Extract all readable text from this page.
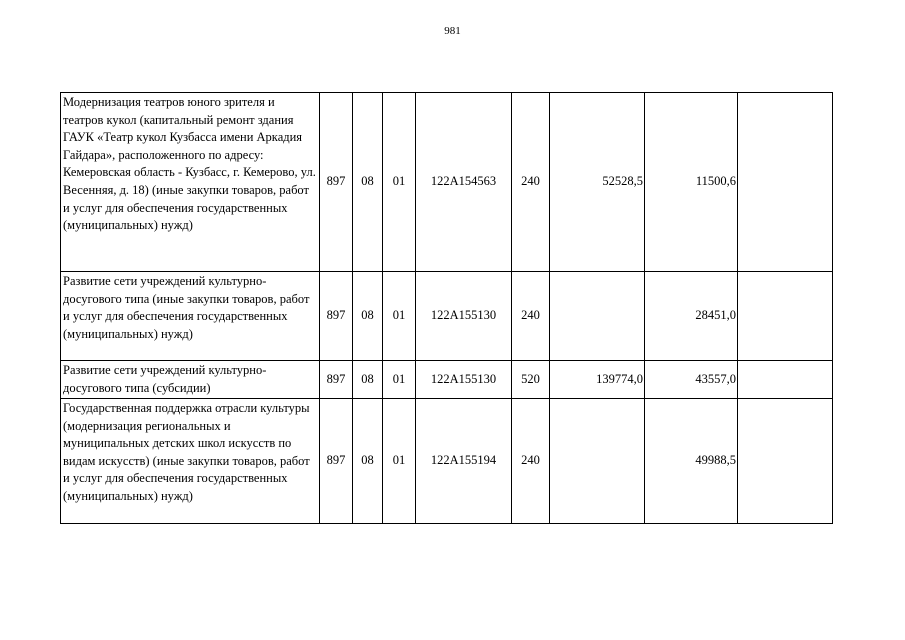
981
Модернизация театров юного зрителя и театров кукол (капитальный ремонт здания ГАУК «Театр кукол Кузбасса имени Аркадия Гайдара», расположенного по адресу: Кемеровская область - Кузбасс, г. Кемерово, ул. Весенняя, д. 18) (иные закупки товаров, работ и услуг для обеспечения государственных (муниципальных) нужд)	897	08	01	122А154563	240	52528,5	11500,6	
Развитие сети учреждений культурно-досугового типа (иные закупки товаров, работ и услуг для обеспечения государственных (муниципальных) нужд)	897	08	01	122А155130	240		28451,0	
Развитие сети учреждений культурно-досугового типа (субсидии)	897	08	01	122А155130	520	139774,0	43557,0	
Государственная поддержка отрасли культуры (модернизация региональных и муниципальных детских школ искусств по видам искусств) (иные закупки товаров, работ и услуг для обеспечения государственных (муниципальных) нужд)	897	08	01	122А155194	240		49988,5	
